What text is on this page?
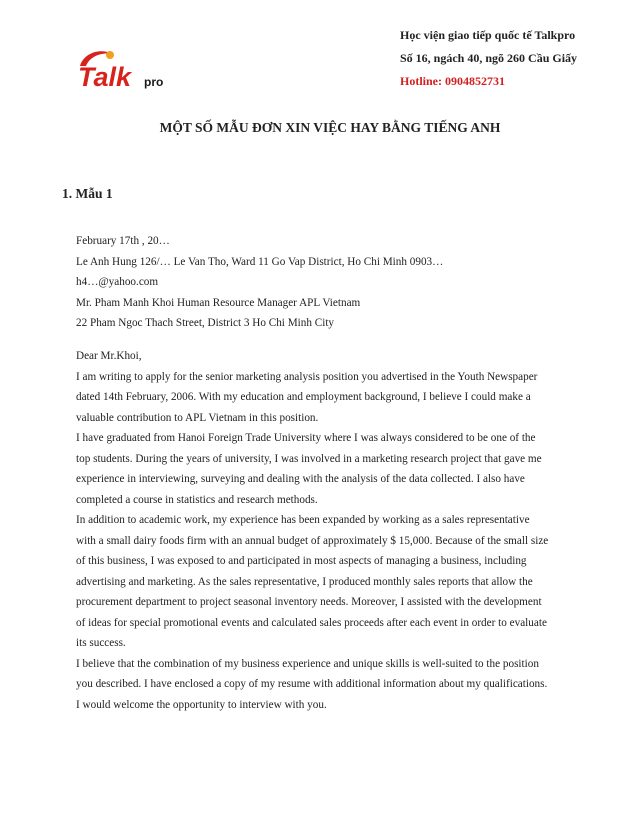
Talk pro
Học viện giao tiếp quốc tế Talkpro
Số 16, ngách 40, ngõ 260 Cầu Giấy
Hotline: 0904852731
MỘT SỐ MẪU ĐƠN XIN VIỆC HAY BẰNG TIẾNG ANH
1. Mẫu 1
February 17th , 20…
Le Anh Hung 126/… Le Van Tho, Ward 11 Go Vap District, Ho Chi Minh 0903…
h4…@yahoo.com
Mr. Pham Manh Khoi Human Resource Manager APL Vietnam
22 Pham Ngoc Thach Street, District 3 Ho Chi Minh City
Dear Mr.Khoi,
I am writing to apply for the senior marketing analysis position you advertised in the Youth Newspaper
dated 14th February, 2006. With my education and employment background, I believe I could make a
valuable contribution to APL Vietnam in this position.
I have graduated from Hanoi Foreign Trade University where I was always considered to be one of the
top students. During the years of university, I was involved in a marketing research project that gave me
experience in interviewing, surveying and dealing with the analysis of the data collected. I also have
completed a course in statistics and research methods.
In addition to academic work, my experience has been expanded by working as a sales representative
with a small dairy foods firm with an annual budget of approximately $ 15,000. Because of the small size
of this business, I was exposed to and participated in most aspects of managing a business, including
advertising and marketing. As the sales representative, I produced monthly sales reports that allow the
procurement department to project seasonal inventory needs. Moreover, I assisted with the development
of ideas for special promotional events and calculated sales proceeds after each event in order to evaluate
its success.
I believe that the combination of my business experience and unique skills is well-suited to the position
you described. I have enclosed a copy of my resume with additional information about my qualifications.
I would welcome the opportunity to interview with you.
